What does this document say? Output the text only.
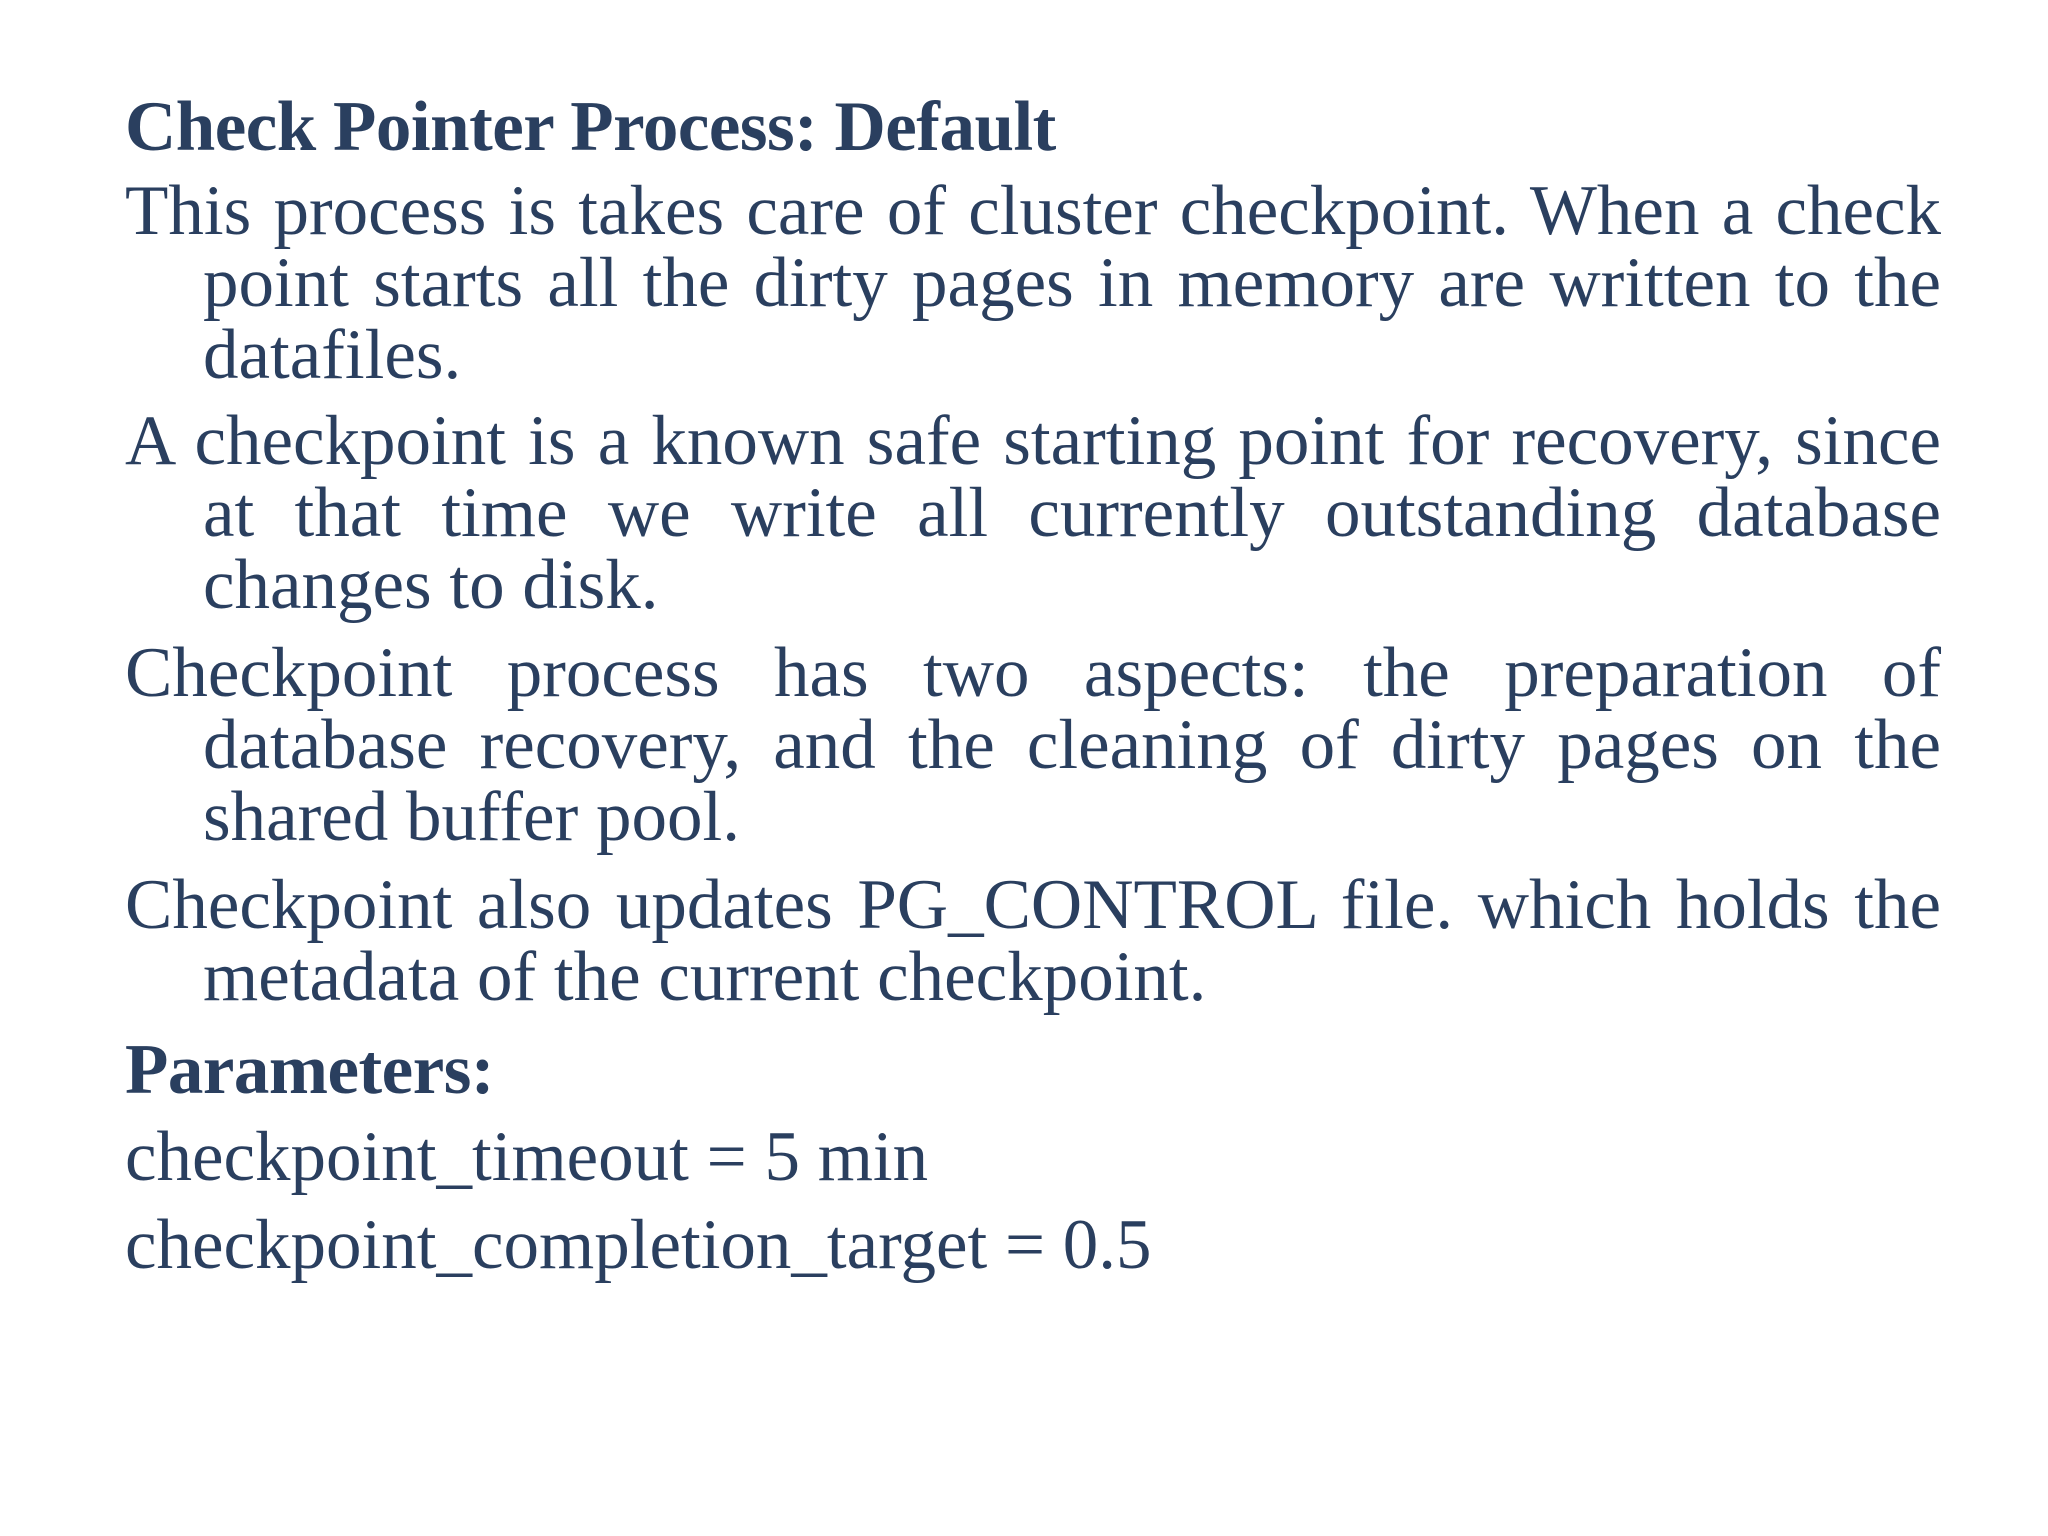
Check Pointer Process: Default

This process is takes care of cluster checkpoint. When a check point starts all the dirty pages in memory are written to the datafiles.

A checkpoint is a known safe starting point for recovery, since at that time we write all currently outstanding database changes to disk.

Checkpoint process has two aspects: the preparation of database recovery, and the cleaning of dirty pages on the shared buffer pool.

Checkpoint also updates PG_CONTROL file. which holds the metadata of the current checkpoint.

Parameters:

checkpoint_timeout = 5 min

checkpoint_completion_target = 0.5
